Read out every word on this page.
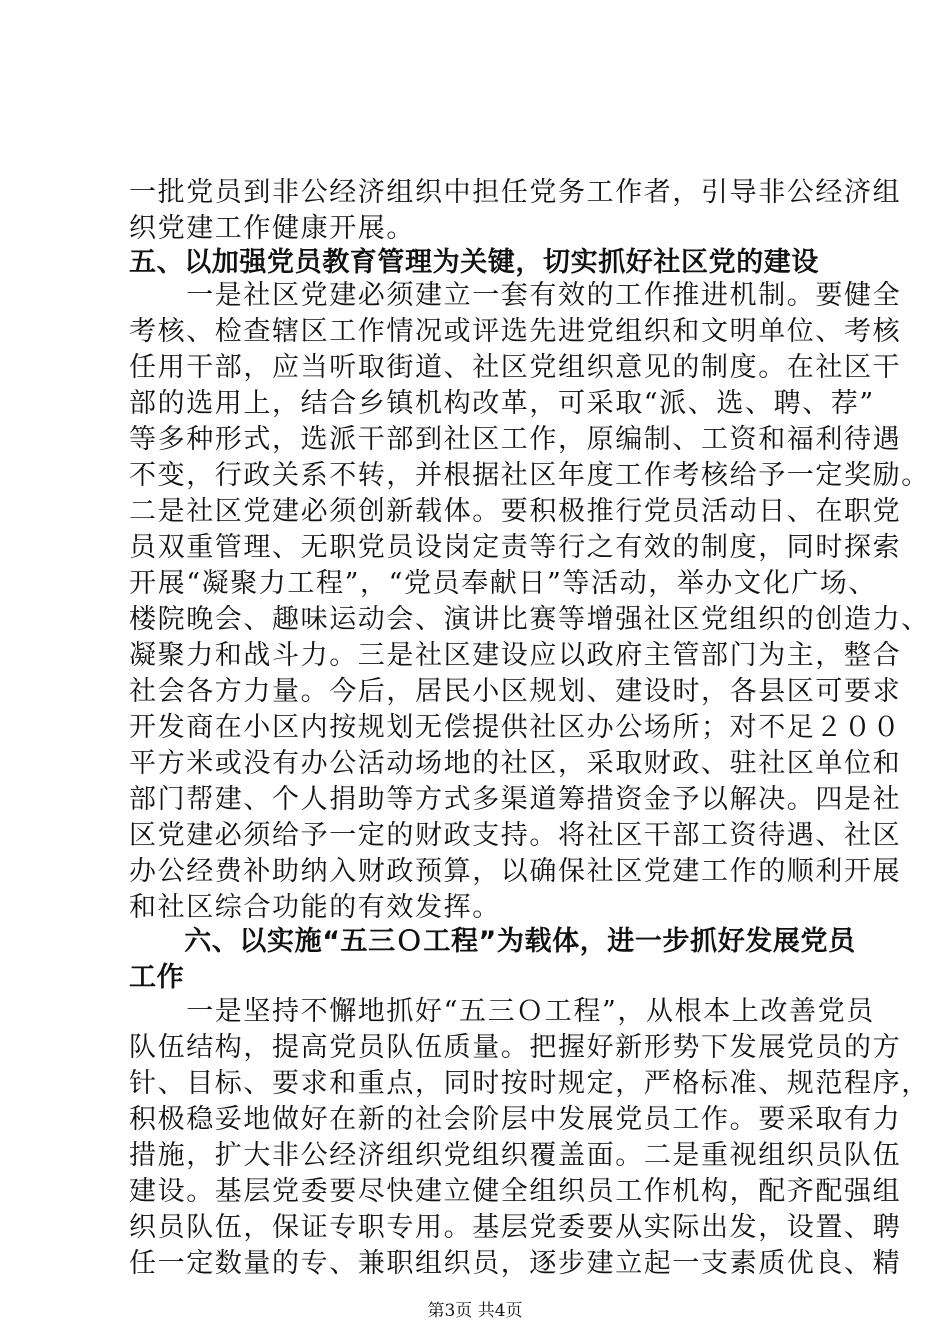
一批党员到非公经济组织中担任党务工作者，引导非公经济组
织党建工作健康开展。
五、以加强党员教育管理为关键，切实抓好社区党的建设
　　一是社区党建必须建立一套有效的工作推进机制。要健全
考核、检查辖区工作情况或评选先进党组织和文明单位、考核
任用干部，应当听取街道、社区党组织意见的制度。在社区干
部的选用上，结合乡镇机构改革，可采取“派、选、聘、荐”
等多种形式，选派干部到社区工作，原编制、工资和福利待遇
不变，行政关系不转，并根据社区年度工作考核给予一定奖励。
二是社区党建必须创新载体。要积极推行党员活动日、在职党
员双重管理、无职党员设岗定责等行之有效的制度，同时探索
开展“凝聚力工程”，“党员奉献日”等活动，举办文化广场、
楼院晚会、趣味运动会、演讲比赛等增强社区党组织的创造力、
凝聚力和战斗力。三是社区建设应以政府主管部门为主，整合
社会各方力量。今后，居民小区规划、建设时，各县区可要求
开发商在小区内按规划无偿提供社区办公场所；对不足２００
平方米或没有办公活动场地的社区，采取财政、驻社区单位和
部门帮建、个人捐助等方式多渠道筹措资金予以解决。四是社
区党建必须给予一定的财政支持。将社区干部工资待遇、社区
办公经费补助纳入财政预算，以确保社区党建工作的顺利开展
和社区综合功能的有效发挥。
　　六、以实施“五三Ｏ工程”为载体，进一步抓好发展党员
工作
　　一是坚持不懈地抓好“五三Ｏ工程”，从根本上改善党员
队伍结构，提高党员队伍质量。把握好新形势下发展党员的方
针、目标、要求和重点，同时按时规定，严格标准、规范程序，
积极稳妥地做好在新的社会阶层中发展党员工作。要采取有力
措施，扩大非公经济组织党组织覆盖面。二是重视组织员队伍
建设。基层党委要尽快建立健全组织员工作机构，配齐配强组
织员队伍，保证专职专用。基层党委要从实际出发，设置、聘
任一定数量的专、兼职组织员，逐步建立起一支素质优良、精
第3页 共4页
